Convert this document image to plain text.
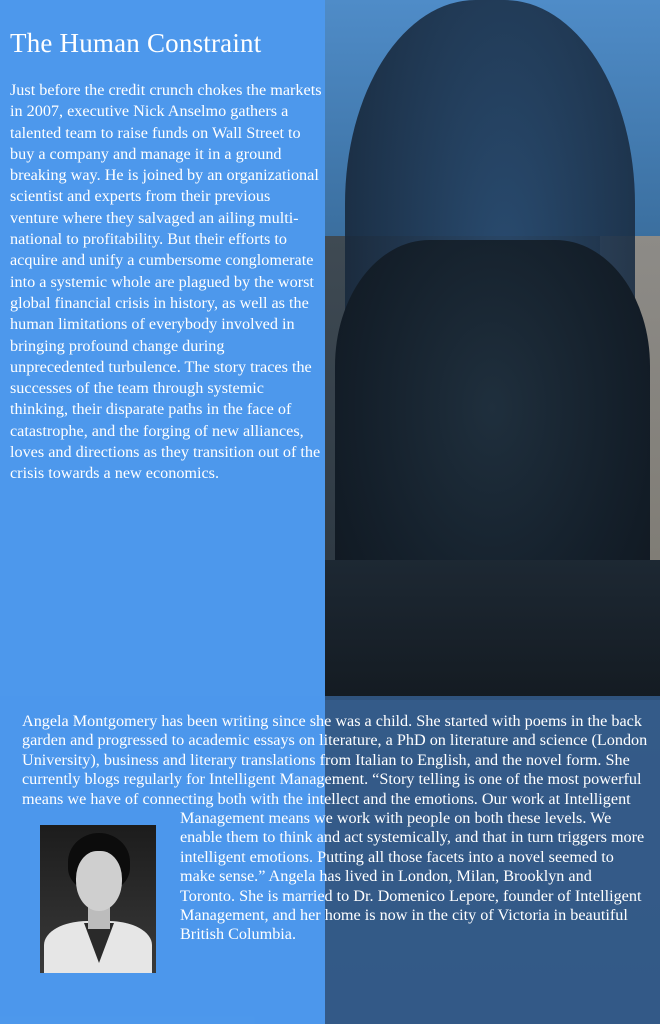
The Human Constraint

Just before the credit crunch chokes the markets in 2007, executive Nick Anselmo gathers a talented team to raise funds on Wall Street to buy a company and manage it in a ground breaking way. He is joined by an organizational scientist and experts from their previous venture where they salvaged an ailing multi-national to profitability. But their efforts to acquire and unify a cumbersome conglomerate into a systemic whole are plagued by the worst global financial crisis in history, as well as the human limitations of everybody involved in bringing profound change during unprecedented turbulence. The story traces the successes of the team through systemic thinking, their disparate paths in the face of catastrophe, and the forging of new alliances, loves and directions as they transition out of the crisis towards a new economics.

Angela Montgomery has been writing since she was a child. She started with poems in the back garden and progressed to academic essays on literature, a PhD on literature and science (London University), business and literary translations from Italian to English, and the novel form. She currently blogs regularly for Intelligent Management. “Story telling is one of the most powerful means we have of connecting both with the intellect and the emotions. Our work at Intelligent Management means we work with people on both these levels. We enable them to think and act systemically, and that in turn triggers more intelligent emotions. Putting all those facets into a novel seemed to make sense.” Angela has lived in London, Milan, Brooklyn and Toronto. She is married to Dr. Domenico Lepore, founder of Intelligent Management, and her home is now in the city of Victoria in beautiful British Columbia.
